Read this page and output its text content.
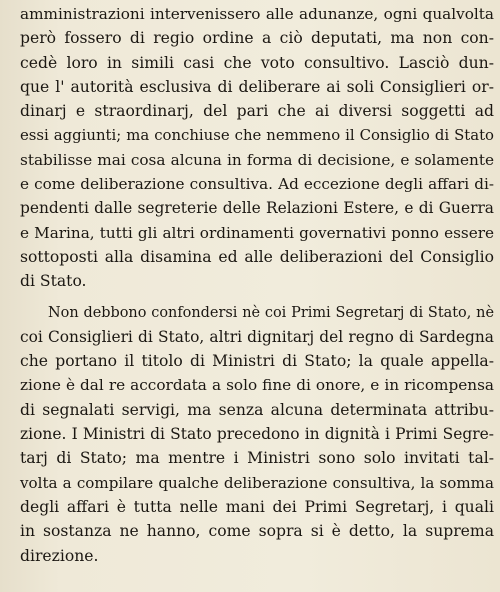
amministrazioni intervenissero alle adunanze, ogni qualvolta
però fossero di regio ordine a ciò deputati, ma non con-
cedè loro in simili casi che voto consultivo. Lasciò dun-
que l' autorità esclusiva di deliberare ai soli Consiglieri or-
dinarj e straordinarj, del pari che ai diversi soggetti ad
essi aggiunti; ma conchiuse che nemmeno il Consiglio di Stato
stabilisse mai cosa alcuna in forma di decisione, e solamente
e come deliberazione consultiva. Ad eccezione degli affari di-
pendenti dalle segreterie delle Relazioni Estere, e di Guerra
e Marina, tutti gli altri ordinamenti governativi ponno essere
sottoposti alla disamina ed alle deliberazioni del Consiglio
di Stato.
Non debbono confondersi nè coi Primi Segretarj di Stato, nè
coi Consiglieri di Stato, altri dignitarj del regno di Sardegna
che portano il titolo di Ministri di Stato; la quale appella-
zione è dal re accordata a solo fine di onore, e in ricompensa
di segnalati servigi, ma senza alcuna determinata attribu-
zione. I Ministri di Stato precedono in dignità i Primi Segre-
tarj di Stato; ma mentre i Ministri sono solo invitati tal-
volta a compilare qualche deliberazione consultiva, la somma
degli affari è tutta nelle mani dei Primi Segretarj, i quali
in sostanza ne hanno, come sopra si è detto, la suprema
direzione.
